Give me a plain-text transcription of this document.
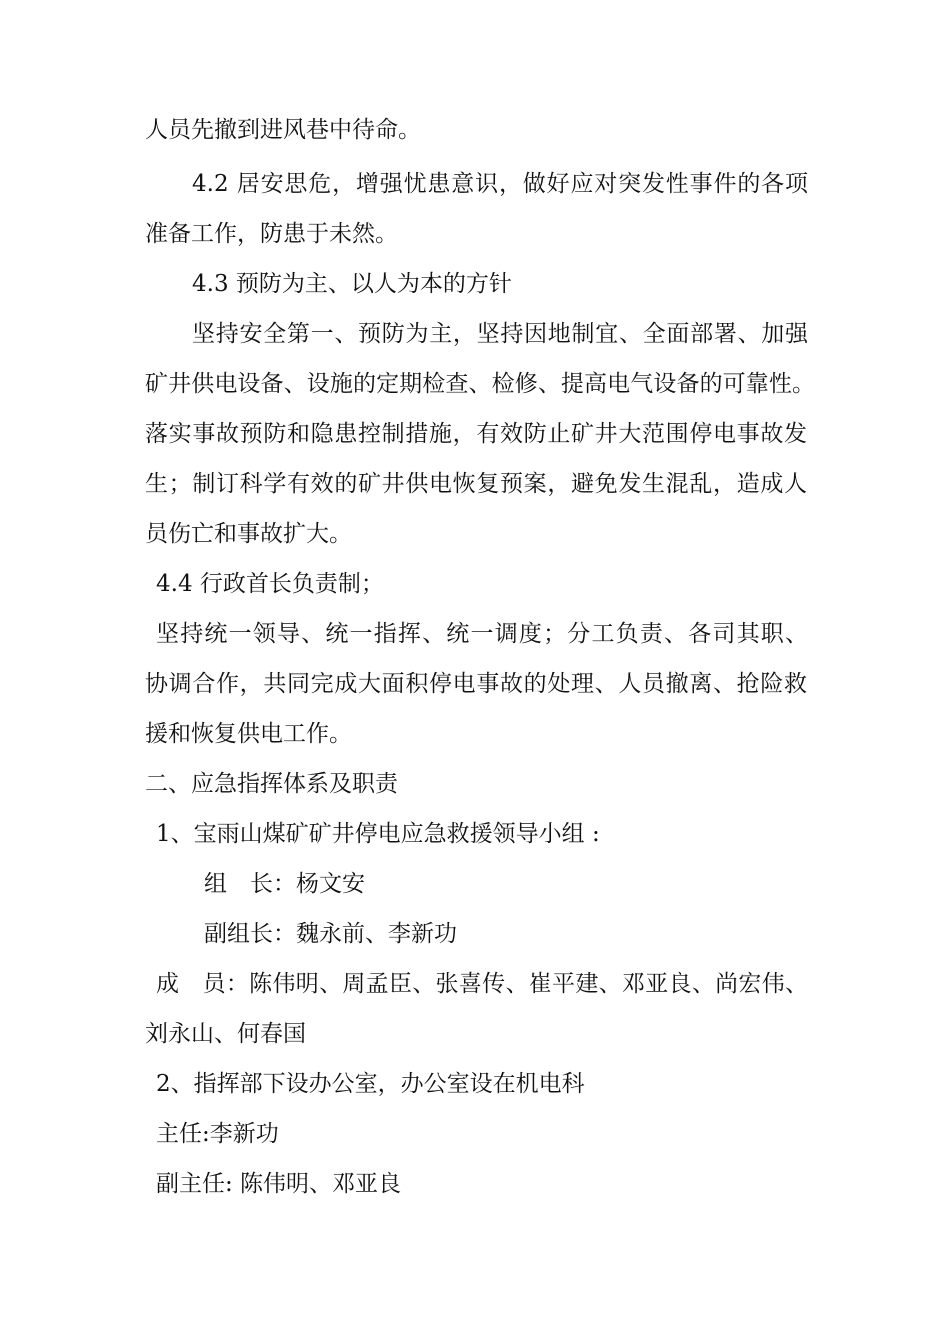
人员先撤到进风巷中待命。

4.2 居安思危，增强忧患意识，做好应对突发性事件的各项

准备工作，防患于未然。

4.3 预防为主、以人为本的方针

坚持安全第一、预防为主，坚持因地制宜、全面部署、加强

矿井供电设备、设施的定期检查、检修、提高电气设备的可靠性。

落实事故预防和隐患控制措施，有效防止矿井大范围停电事故发

生；制订科学有效的矿井供电恢复预案，避免发生混乱，造成人

员伤亡和事故扩大。

4.4 行政首长负责制；

坚持统一领导、统一指挥、统一调度；分工负责、各司其职、

协调合作，共同完成大面积停电事故的处理、人员撤离、抢险救

援和恢复供电工作。

二、应急指挥体系及职责

1、宝雨山煤矿矿井停电应急救援领导小组 :

组　长：杨文安

副组长：魏永前、李新功

成　员：陈伟明、周孟臣、张喜传、崔平建、邓亚良、尚宏伟、

刘永山、何春国

2、指挥部下设办公室，办公室设在机电科

主任:李新功

副主任: 陈伟明、邓亚良
